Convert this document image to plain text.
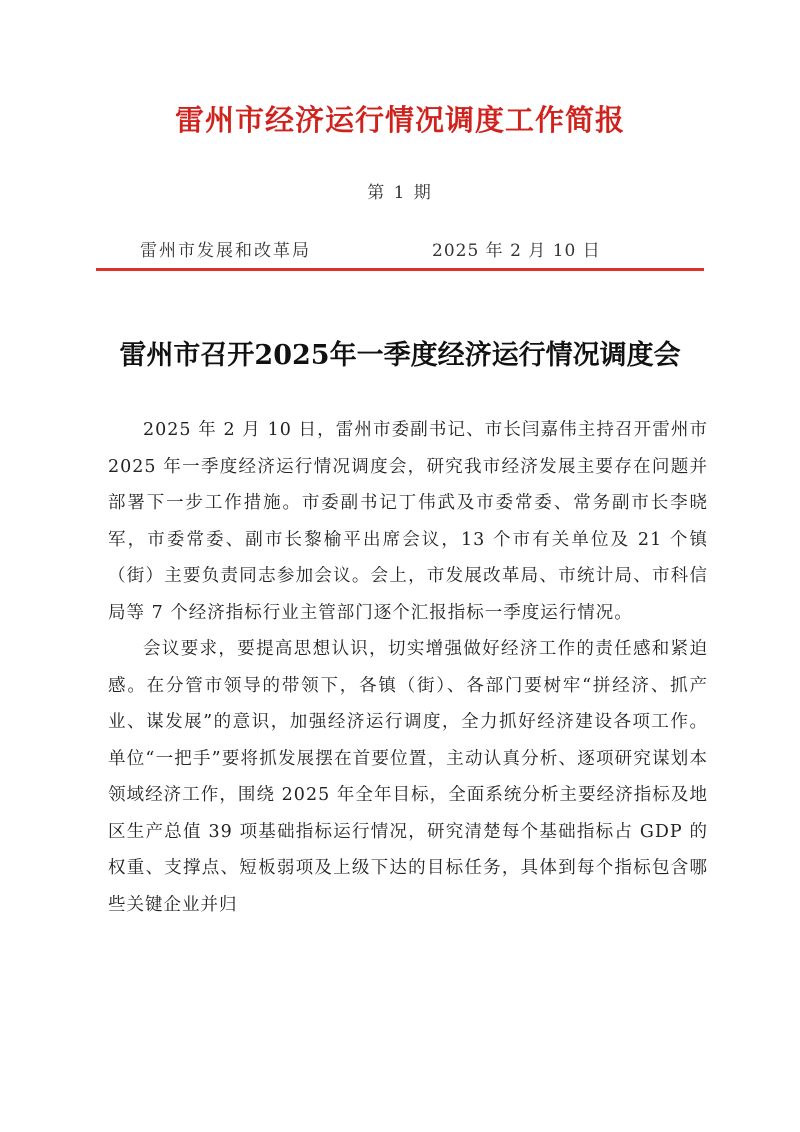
雷州市经济运行情况调度工作简报
第 1 期
雷州市发展和改革局	2025 年 2 月 10 日
雷州市召开2025年一季度经济运行情况调度会

2025 年 2 月 10 日，雷州市委副书记、市长闫嘉伟主持召开雷州市 2025 年一季度经济运行情况调度会，研究我市经济发展主要存在问题并部署下一步工作措施。市委副书记丁伟武及市委常委、常务副市长李晓军，市委常委、副市长黎榆平出席会议，13 个市有关单位及 21 个镇（街）主要负责同志参加会议。会上，市发展改革局、市统计局、市科信局等 7 个经济指标行业主管部门逐个汇报指标一季度运行情况。

会议要求，要提高思想认识，切实增强做好经济工作的责任感和紧迫感。在分管市领导的带领下，各镇（街）、各部门要树牢“拼经济、抓产业、谋发展”的意识，加强经济运行调度，全力抓好经济建设各项工作。单位“一把手”要将抓发展摆在首要位置，主动认真分析、逐项研究谋划本领域经济工作，围绕 2025 年全年目标，全面系统分析主要经济指标及地区生产总值 39 项基础指标运行情况，研究清楚每个基础指标占 GDP 的权重、支撑点、短板弱项及上级下达的目标任务，具体到每个指标包含哪些关键企业并归
